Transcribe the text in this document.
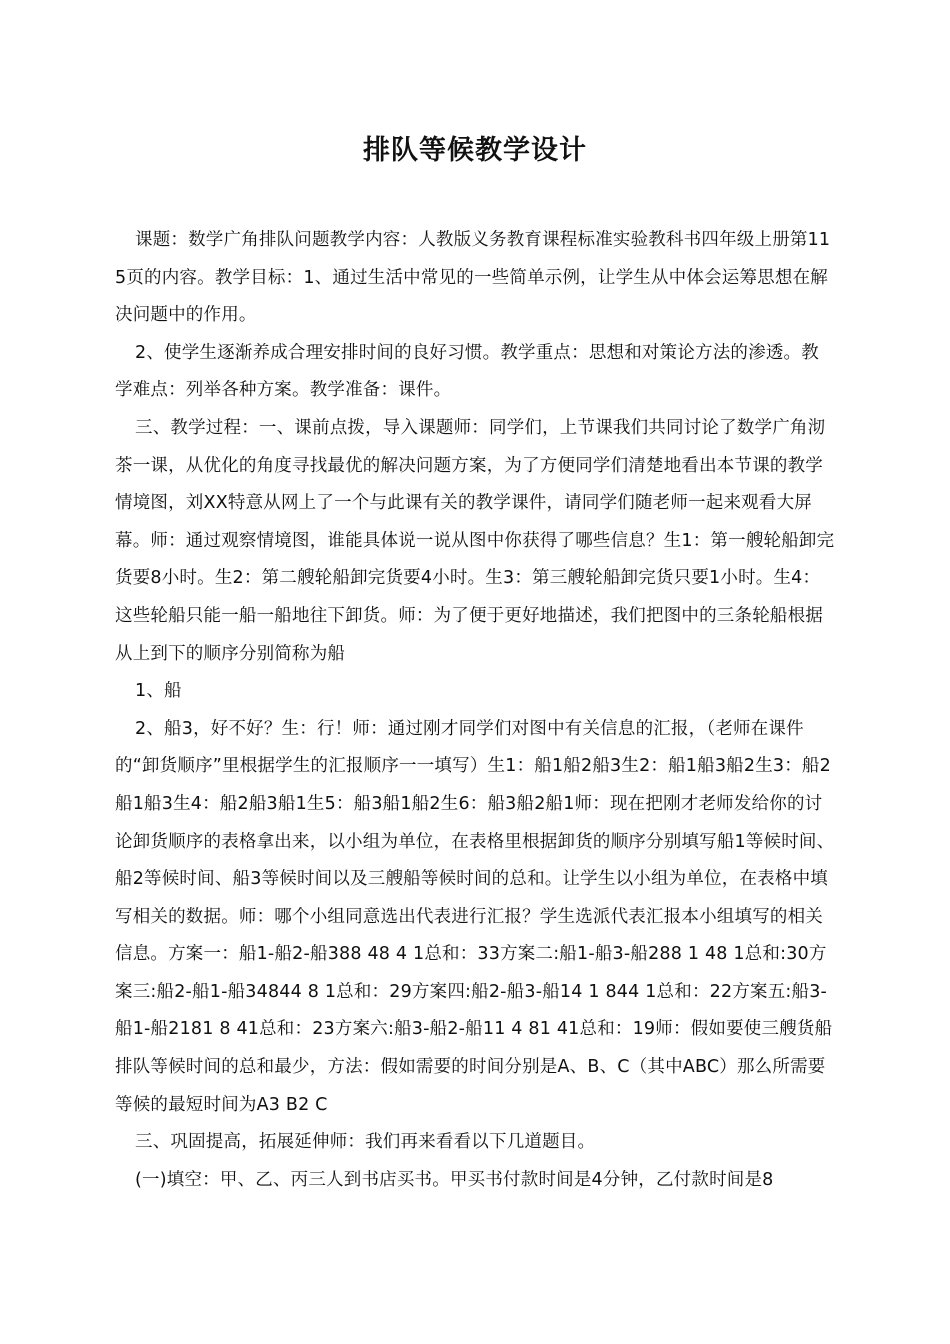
排队等候教学设计

课题：数学广角排队问题教学内容：人教版义务教育课程标准实验教科书四年级上册第115页的内容。教学目标：1、通过生活中常见的一些简单示例，让学生从中体会运筹思想在解决问题中的作用。

2、使学生逐渐养成合理安排时间的良好习惯。教学重点：思想和对策论方法的渗透。教学难点：列举各种方案。教学准备：课件。

三、教学过程：一、课前点拨，导入课题师：同学们，上节课我们共同讨论了数学广角沏茶一课，从优化的角度寻找最优的解决问题方案，为了方便同学们清楚地看出本节课的教学情境图，刘XX特意从网上了一个与此课有关的教学课件，请同学们随老师一起来观看大屏幕。师：通过观察情境图，谁能具体说一说从图中你获得了哪些信息？生1：第一艘轮船卸完货要8小时。生2：第二艘轮船卸完货要4小时。生3：第三艘轮船卸完货只要1小时。生4：这些轮船只能一船一船地往下卸货。师：为了便于更好地描述，我们把图中的三条轮船根据从上到下的顺序分别简称为船

1、船

2、船3，好不好？生：行！师：通过刚才同学们对图中有关信息的汇报，（老师在课件的“卸货顺序”里根据学生的汇报顺序一一填写）生1：船1船2船3生2：船1船3船2生3：船2船1船3生4：船2船3船1生5：船3船1船2生6：船3船2船1师：现在把刚才老师发给你的讨论卸货顺序的表格拿出来，以小组为单位，在表格里根据卸货的顺序分别填写船1等候时间、船2等候时间、船3等候时间以及三艘船等候时间的总和。让学生以小组为单位，在表格中填写相关的数据。师：哪个小组同意选出代表进行汇报？学生选派代表汇报本小组填写的相关信息。方案一：船1-船2-船388 48 4 1总和：33方案二:船1-船3-船288 1 48 1总和:30方案三:船2-船1-船34844 8 1总和：29方案四:船2-船3-船14 1 844 1总和：22方案五:船3-船1-船2181 8 41总和：23方案六:船3-船2-船11 4 81 41总和：19师：假如要使三艘货船排队等候时间的总和最少，方法：假如需要的时间分别是A、B、C（其中ABC）那么所需要等候的最短时间为A3 B2 C

三、巩固提高，拓展延伸师：我们再来看看以下几道题目。

(一)填空：甲、乙、丙三人到书店买书。甲买书付款时间是4分钟，乙付款时间是8
